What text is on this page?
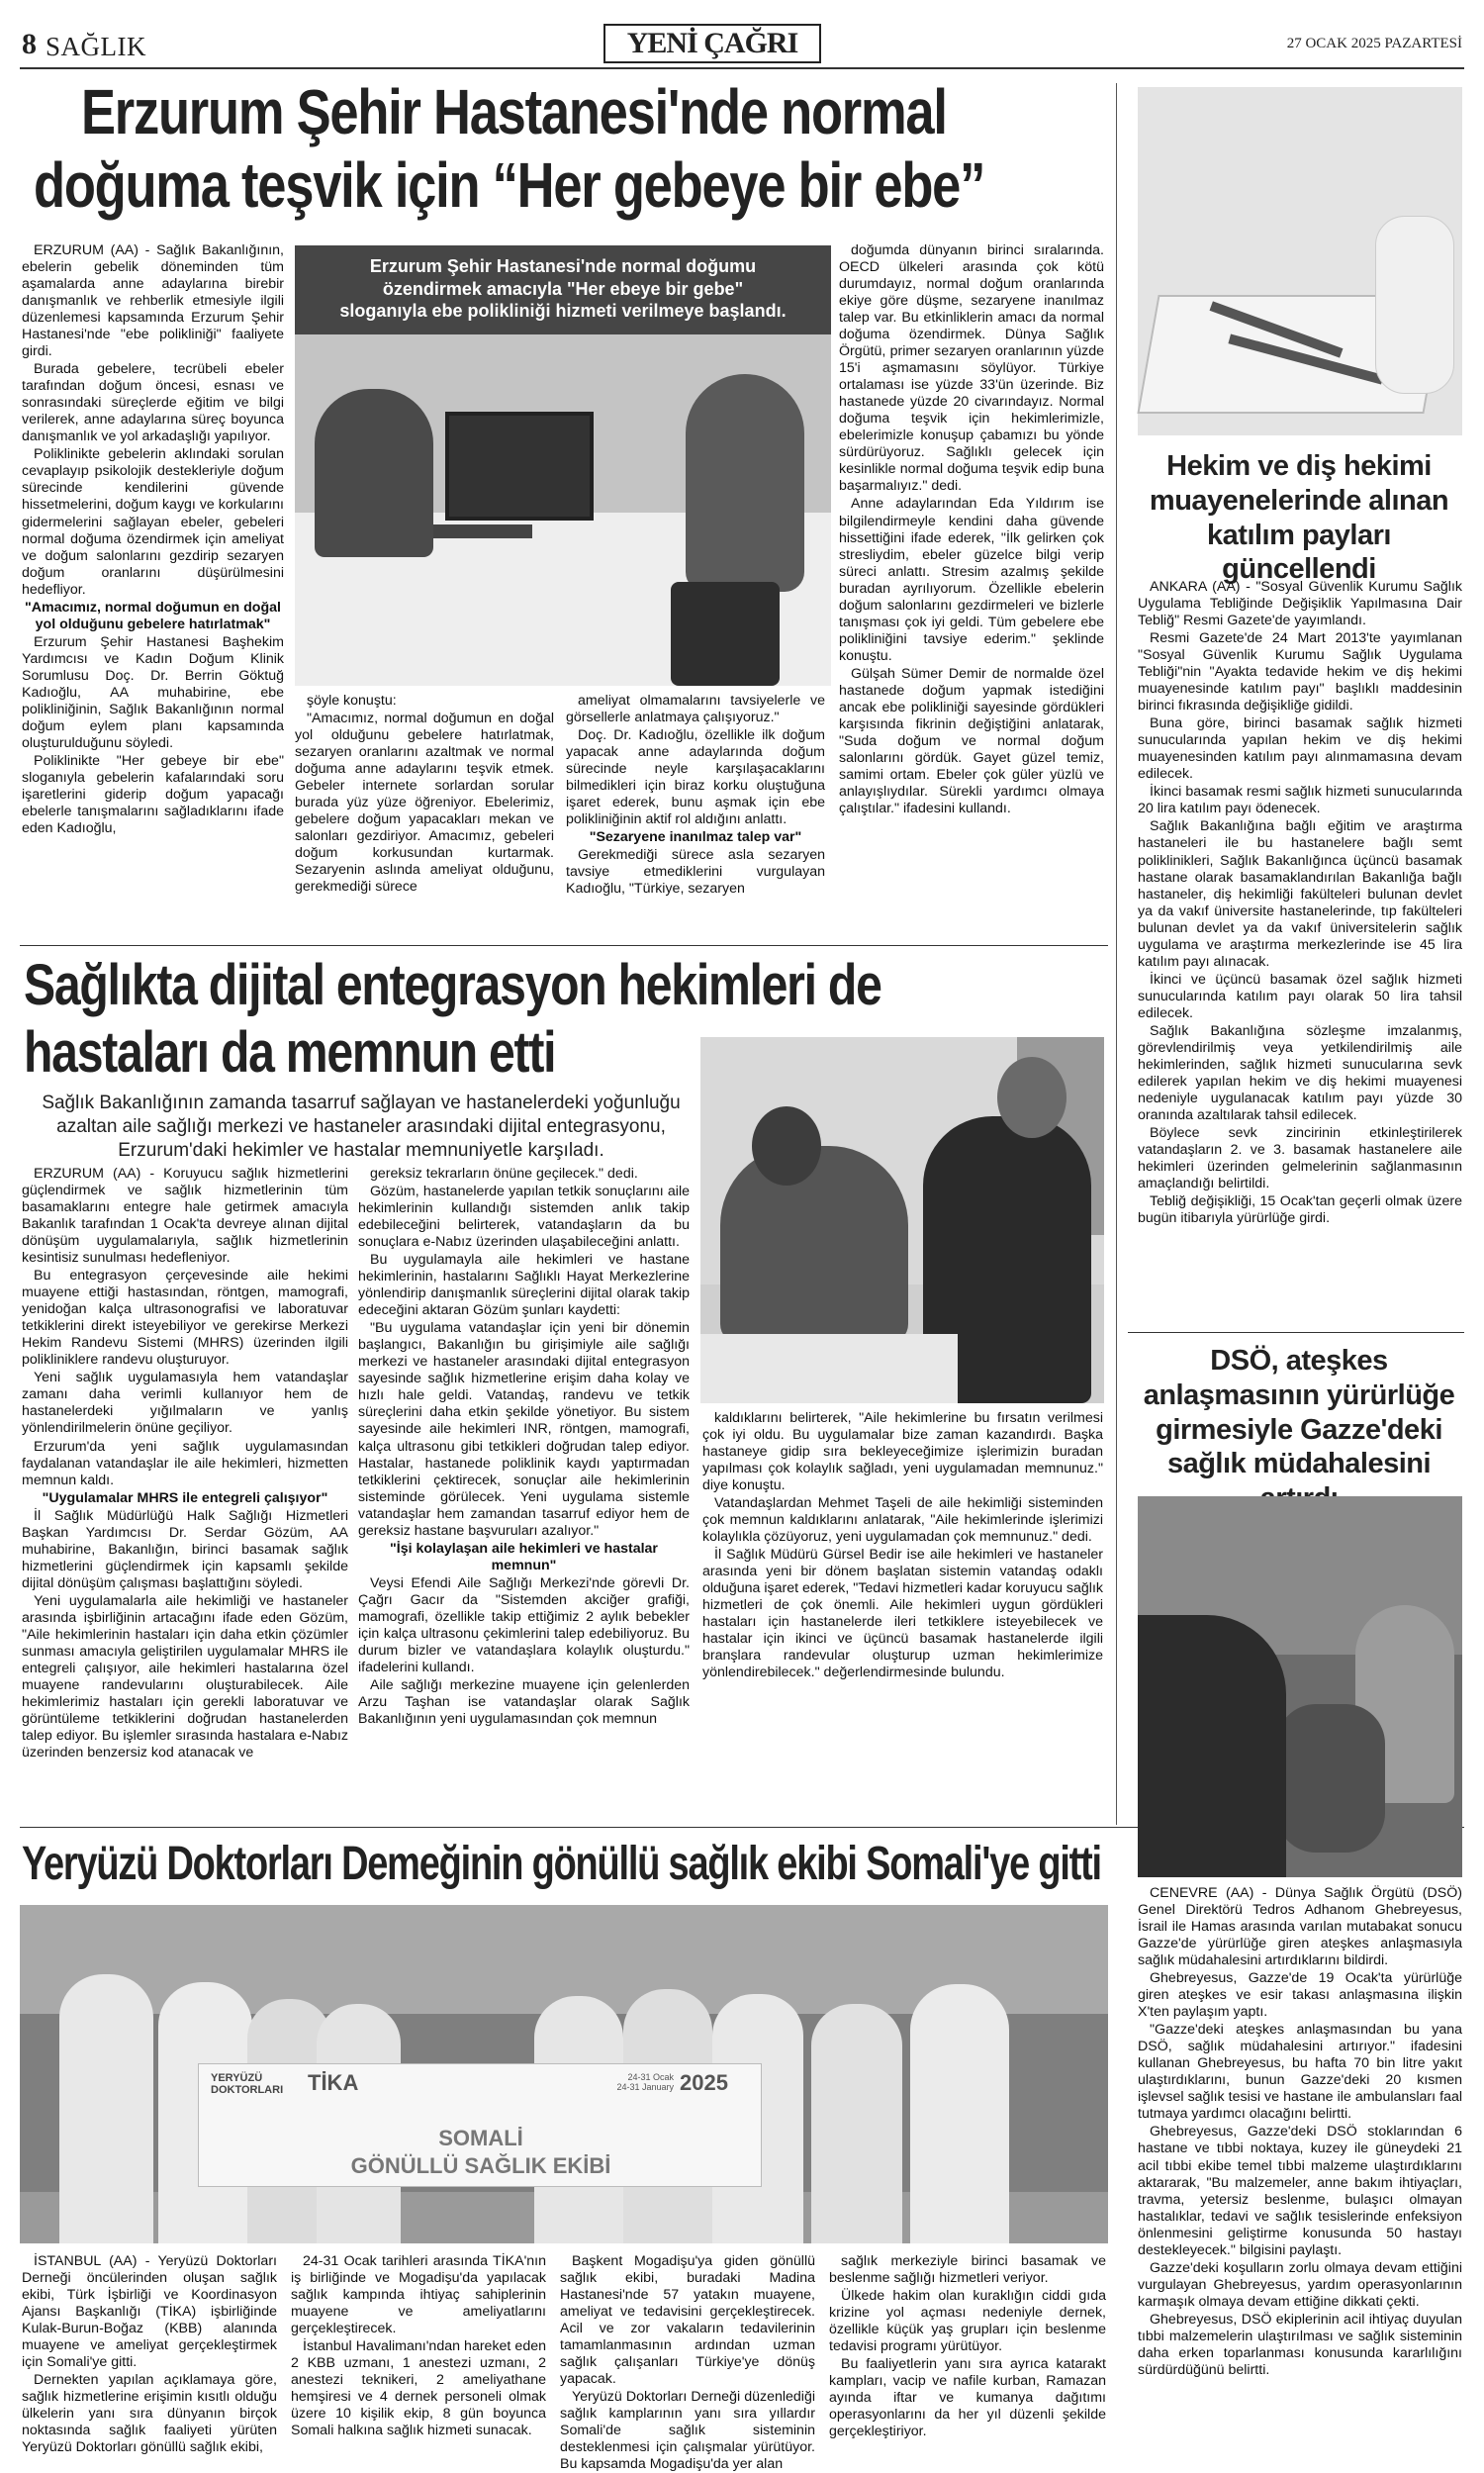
8 SAĞLIK	YENİ ÇAĞRI	27 OCAK 2025 PAZARTESİ
Erzurum Şehir Hastanesi'nde normal
doğuma teşvik için “Her gebeye bir ebe”

ERZURUM (AA) - Sağlık Bakanlığının, ebelerin gebelik döneminden tüm aşamalarda anne adaylarına birebir danışmanlık ve rehberlik etmesiyle ilgili düzenlemesi kapsamında Erzurum Şehir Hastanesi'nde "ebe polikliniği" faaliyete girdi.

Burada gebelere, tecrübeli ebeler tarafından doğum öncesi, esnası ve sonrasındaki süreçlerde eğitim ve bilgi verilerek, anne adaylarına süreç boyunca danışmanlık ve yol arkadaşlığı yapılıyor.

Poliklinikte gebelerin aklındaki sorulan cevaplayıp psikolojik destekleriyle doğum sürecinde kendilerini güvende hissetmelerini, doğum kaygı ve korkularını gidermelerini sağlayan ebeler, gebeleri normal doğuma özendirmek için ameliyat ve doğum salonlarını gezdirip sezaryen doğum oranlarını düşürülmesini hedefliyor.

"Amacımız, normal doğumun en doğal yol olduğunu gebelere hatırlatmak"

Erzurum Şehir Hastanesi Başhekim Yardımcısı ve Kadın Doğum Klinik Sorumlusu Doç. Dr. Berrin Göktuğ Kadıoğlu, AA muhabirine, ebe polikliniğinin, Sağlık Bakanlığının normal doğum eylem planı kapsamında oluşturulduğunu söyledi.

Poliklinikte "Her gebeye bir ebe" sloganıyla gebelerin kafalarındaki soru işaretlerini giderip doğum yapacağı ebelerle tanışmalarını sağladıklarını ifade eden Kadıoğlu,

Erzurum Şehir Hastanesi'nde normal doğumu
özendirmek amacıyla "Her ebeye bir gebe"
sloganıyla ebe polikliniği hizmeti verilmeye başlandı.

şöyle konuştu:

"Amacımız, normal doğumun en doğal yol olduğunu gebelere hatırlatmak, sezaryen oranlarını azaltmak ve normal doğuma anne adaylarını teşvik etmek. Gebeler internete sorlardan sorular burada yüz yüze öğreniyor. Ebelerimiz, gebelere doğum yapacakları mekan ve salonları gezdiriyor. Amacımız, gebeleri doğum korkusundan kurtarmak. Sezaryenin aslında ameliyat olduğunu, gerekmediği sürece

ameliyat olmamalarını tavsiyelerle ve görsellerle anlatmaya çalışıyoruz."

Doç. Dr. Kadıoğlu, özellikle ilk doğum yapacak anne adaylarında doğum sürecinde neyle karşılaşacaklarını bilmedikleri için biraz korku oluştuğuna işaret ederek, bunu aşmak için ebe polikliniğinin aktif rol aldığını anlattı.

"Sezaryene inanılmaz talep var"

Gerekmediği sürece asla sezaryen tavsiye etmediklerini vurgulayan Kadıoğlu, "Türkiye, sezaryen

doğumda dünyanın birinci sıralarında. OECD ülkeleri arasında çok kötü durumdayız, normal doğum oranlarında ekiye göre düşme, sezaryene inanılmaz talep var. Bu etkinliklerin amacı da normal doğuma özendirmek. Dünya Sağlık Örgütü, primer sezaryen oranlarının yüzde 15'i aşmamasını söylüyor. Türkiye ortalaması ise yüzde 33'ün üzerinde. Biz hastanede yüzde 20 civarındayız. Normal doğuma teşvik için hekimlerimizle, ebelerimizle konuşup çabamızı bu yönde sürdürüyoruz. Sağlıklı gelecek için kesinlikle normal doğuma teşvik edip buna başarmalıyız." dedi.

Anne adaylarından Eda Yıldırım ise bilgilendirmeyle kendini daha güvende hissettiğini ifade ederek, "İlk gelirken çok stresliydim, ebeler güzelce bilgi verip süreci anlattı. Stresim azalmış şekilde buradan ayrılıyorum. Özellikle ebelerin doğum salonlarını gezdirmeleri ve bizlerle tanışması çok iyi geldi. Tüm gebelere ebe polikliniğini tavsiye ederim." şeklinde konuştu.

Gülşah Sümer Demir de normalde özel hastanede doğum yapmak istediğini ancak ebe polikliniği sayesinde gördükleri karşısında fikrinin değiştiğini anlatarak, "Suda doğum ve normal doğum salonlarını gördük. Gayet güzel temiz, samimi ortam. Ebeler çok güler yüzlü ve anlayışlıydılar. Sürekli yardımcı olmaya çalıştılar." ifadesini kullandı.

Sağlıkta dijital entegrasyon hekimleri de
hastaları da memnun etti
Sağlık Bakanlığının zamanda tasarruf sağlayan ve hastanelerdeki yoğunluğu azaltan aile sağlığı merkezi ve hastaneler arasındaki dijital entegrasyonu, Erzurum'daki hekimler ve hastalar memnuniyetle karşıladı.

ERZURUM (AA) - Koruyucu sağlık hizmetlerini güçlendirmek ve sağlık hizmetlerinin tüm basamaklarını entegre hale getirmek amacıyla Bakanlık tarafından 1 Ocak'ta devreye alınan dijital dönüşüm uygulamalarıyla, sağlık hizmetlerinin kesintisiz sunulması hedefleniyor.

Bu entegrasyon çerçevesinde aile hekimi muayene ettiği hastasından, röntgen, mamografi, yenidoğan kalça ultrasonografisi ve laboratuvar tetkiklerini direkt isteyebiliyor ve gerekirse Merkezi Hekim Randevu Sistemi (MHRS) üzerinden ilgili polikliniklere randevu oluşturuyor.

Yeni sağlık uygulamasıyla hem vatandaşlar zamanı daha verimli kullanıyor hem de hastanelerdeki yığılmaların ve yanlış yönlendirilmelerin önüne geçiliyor.

Erzurum'da yeni sağlık uygulamasından faydalanan vatandaşlar ile aile hekimleri, hizmetten memnun kaldı.

"Uygulamalar MHRS ile entegreli çalışıyor"

İl Sağlık Müdürlüğü Halk Sağlığı Hizmetleri Başkan Yardımcısı Dr. Serdar Gözüm, AA muhabirine, Bakanlığın, birinci basamak sağlık hizmetlerini güçlendirmek için kapsamlı şekilde dijital dönüşüm çalışması başlattığını söyledi.

Yeni uygulamalarla aile hekimliği ve hastaneler arasında işbirliğinin artacağını ifade eden Gözüm, "Aile hekimlerinin hastaları için daha etkin çözümler sunması amacıyla geliştirilen uygulamalar MHRS ile entegreli çalışıyor, aile hekimleri hastalarına özel muayene randevularını oluşturabilecek. Aile hekimlerimiz hastaları için gerekli laboratuvar ve görüntüleme tetkiklerini doğrudan hastanelerden talep ediyor. Bu işlemler sırasında hastalara e-Nabız üzerinden benzersiz kod atanacak ve

gereksiz tekrarların önüne geçilecek." dedi.

Gözüm, hastanelerde yapılan tetkik sonuçlarını aile hekimlerinin kullandığı sistemden anlık takip edebileceğini belirterek, vatandaşların da bu sonuçlara e-Nabız üzerinden ulaşabileceğini anlattı.

Bu uygulamayla aile hekimleri ve hastane hekimlerinin, hastalarını Sağlıklı Hayat Merkezlerine yönlendirip danışmanlık süreçlerini dijital olarak takip edeceğini aktaran Gözüm şunları kaydetti:

"Bu uygulama vatandaşlar için yeni bir dönemin başlangıcı, Bakanlığın bu girişimiyle aile sağlığı merkezi ve hastaneler arasındaki dijital entegrasyon sayesinde sağlık hizmetlerine erişim daha kolay ve hızlı hale geldi. Vatandaş, randevu ve tetkik süreçlerini daha etkin şekilde yönetiyor. Bu sistem sayesinde aile hekimleri INR, röntgen, mamografi, kalça ultrasonu gibi tetkikleri doğrudan talep ediyor. Hastalar, hastanede poliklinik kaydı yaptırmadan tetkiklerini çektirecek, sonuçlar aile hekimlerinin sisteminde görülecek. Yeni uygulama sistemle vatandaşlar hem zamandan tasarruf ediyor hem de gereksiz hastane başvuruları azalıyor."

"İşi kolaylaşan aile hekimleri ve hastalar memnun"

Veysi Efendi Aile Sağlığı Merkezi'nde görevli Dr. Çağrı Gacır da "Sistemden akciğer grafiği, mamografi, özellikle takip ettiğimiz 2 aylık bebekler için kalça ultrasonu çekimlerini talep edebiliyoruz. Bu durum bizler ve vatandaşlara kolaylık oluşturdu." ifadelerini kullandı.

Aile sağlığı merkezine muayene için gelenlerden Arzu Taşhan ise vatandaşlar olarak Sağlık Bakanlığının yeni uygulamasından çok memnun

kaldıklarını belirterek, "Aile hekimlerine bu fırsatın verilmesi çok iyi oldu. Bu uygulamalar bize zaman kazandırdı. Başka hastaneye gidip sıra bekleyeceğimize işlerimizin buradan yapılması çok kolaylık sağladı, yeni uygulamadan memnunuz." diye konuştu.

Vatandaşlardan Mehmet Taşeli de aile hekimliği sisteminden çok memnun kaldıklarını anlatarak, "Aile hekimlerinde işlerimizi kolaylıkla çözüyoruz, yeni uygulamadan çok memnunuz." dedi.

İl Sağlık Müdürü Gürsel Bedir ise aile hekimleri ve hastaneler arasında yeni bir dönem başlatan sistemin vatandaş odaklı olduğuna işaret ederek, "Tedavi hizmetleri kadar koruyucu sağlık hizmetleri de çok önemli. Aile hekimleri uygun gördükleri hastaları için hastanelerde ileri tetkiklere isteyebilecek ve hastalar için ikinci ve üçüncü basamak hastanelerde ilgili branşlara randevular oluşturup uzman hekimlerimize yönlendirebilecek." değerlendirmesinde bulundu.

Hekim ve diş hekimi
muayenelerinde alınan
katılım payları güncellendi

ANKARA (AA) - "Sosyal Güvenlik Kurumu Sağlık Uygulama Tebliğinde Değişiklik Yapılmasına Dair Tebliğ" Resmi Gazete'de yayımlandı.

Resmi Gazete'de 24 Mart 2013'te yayımlanan "Sosyal Güvenlik Kurumu Sağlık Uygulama Tebliği"nin "Ayakta tedavide hekim ve diş hekimi muayenesinde katılım payı" başlıklı maddesinin birinci fıkrasında değişikliğe gidildi.

Buna göre, birinci basamak sağlık hizmeti sunucularında yapılan hekim ve diş hekimi muayenesinden katılım payı alınmamasına devam edilecek.

İkinci basamak resmi sağlık hizmeti sunucularında 20 lira katılım payı ödenecek.

Sağlık Bakanlığına bağlı eğitim ve araştırma hastaneleri ile bu hastanelere bağlı semt poliklinikleri, Sağlık Bakanlığınca üçüncü basamak hastane olarak basamaklandırılan Bakanlığa bağlı hastaneler, diş hekimliği fakülteleri bulunan devlet ya da vakıf üniversite hastanelerinde, tıp fakülteleri bulunan devlet ya da vakıf üniversitelerin sağlık uygulama ve araştırma merkezlerinde ise 45 lira katılım payı alınacak.

İkinci ve üçüncü basamak özel sağlık hizmeti sunucularında katılım payı olarak 50 lira tahsil edilecek.

Sağlık Bakanlığına sözleşme imzalanmış, görevlendirilmiş veya yetkilendirilmiş aile hekimlerinden, sağlık hizmeti sunucularına sevk edilerek yapılan hekim ve diş hekimi muayenesi nedeniyle uygulanacak katılım payı yüzde 30 oranında azaltılarak tahsil edilecek.

Böylece sevk zincirinin etkinleştirilerek vatandaşların 2. ve 3. basamak hastanelere aile hekimleri üzerinden gelmelerinin sağlanmasının amaçlandığı belirtildi.

Tebliğ değişikliği, 15 Ocak'tan geçerli olmak üzere bugün itibarıyla yürürlüğe girdi.

DSÖ, ateşkes
anlaşmasının yürürlüğe
girmesiyle Gazze'deki
sağlık müdahalesini

CENEVRE (AA) - Dünya Sağlık Örgütü (DSÖ) Genel Direktörü Tedros Adhanom Ghebreyesus, İsrail ile Hamas arasında varılan mutabakat sonucu Gazze'de yürürlüğe giren ateşkes anlaşmasıyla sağlık müdahalesini artırdıklarını bildirdi.

Ghebreyesus, Gazze'de 19 Ocak'ta yürürlüğe giren ateşkes ve esir takası anlaşmasına ilişkin X'ten paylaşım yaptı.

"Gazze'deki ateşkes anlaşmasından bu yana DSÖ, sağlık müdahalesini artırıyor." ifadesini kullanan Ghebreyesus, bu hafta 70 bin litre yakıt ulaştırdıklarını, bunun Gazze'deki 20 kısmen işlevsel sağlık tesisi ve hastane ile ambulansları faal tutmaya yardımcı olacağını belirtti.

Ghebreyesus, Gazze'deki DSÖ stoklarından 6 hastane ve tıbbi noktaya, kuzey ile güneydeki 21 acil tıbbi ekibe temel tıbbi malzeme ulaştırdıklarını aktararak, "Bu malzemeler, anne bakım ihtiyaçları, travma, yetersiz beslenme, bulaşıcı olmayan hastalıklar, tedavi ve sağlık tesislerinde enfeksiyon önlenmesini geliştirme konusunda 50 hastayı destekleyecek." bilgisini paylaştı.

Gazze'deki koşulların zorlu olmaya devam ettiğini vurgulayan Ghebreyesus, yardım operasyonlarının karmaşık olmaya devam ettiğine dikkati çekti.

Ghebreyesus, DSÖ ekiplerinin acil ihtiyaç duyulan tıbbi malzemelerin ulaştırılması ve sağlık sisteminin daha erken toparlanması konusunda kararlılığını sürdürdüğünü belirtti.

Yeryüzü Doktorları Demeğinin gönüllü sağlık ekibi Somali'ye gitti
YERYÜZÜ DOKTORLARI	TİKA	24-31 Ocak
24-31 January 2025
SOMALİ
GÖNÜLLÜ SAĞLIK EKİBİ

İSTANBUL (AA) - Yeryüzü Doktorları Derneği öncülerinden oluşan sağlık ekibi, Türk İşbirliği ve Koordinasyon Ajansı Başkanlığı (TİKA) işbirliğinde Kulak-Burun-Boğaz (KBB) alanında muayene ve ameliyat gerçekleştirmek için Somali'ye gitti.

Dernekten yapılan açıklamaya göre, sağlık hizmetlerine erişimin kısıtlı olduğu ülkelerin yanı sıra dünyanın birçok noktasında sağlık faaliyeti yürüten Yeryüzü Doktorları gönüllü sağlık ekibi,

24-31 Ocak tarihleri arasında TİKA'nın iş birliğinde ve Mogadişu'da yapılacak sağlık kampında ihtiyaç sahiplerinin muayene ve ameliyatlarını gerçekleştirecek.

İstanbul Havalimanı'ndan hareket eden 2 KBB uzmanı, 1 anestezi uzmanı, 2 anestezi teknikeri, 2 ameliyathane hemşiresi ve 4 dernek personeli olmak üzere 10 kişilik ekip, 8 gün boyunca Somali halkına sağlık hizmeti sunacak.

Başkent Mogadişu'ya giden gönüllü sağlık ekibi, buradaki Madina Hastanesi'nde 57 yatakın muayene, ameliyat ve tedavisini gerçekleştirecek. Acil ve zor vakaların tedavilerinin tamamlanmasının ardından uzman sağlık çalışanları Türkiye'ye dönüş yapacak.

Yeryüzü Doktorları Derneği düzenlediği sağlık kamplarının yanı sıra yıllardır Somali'de sağlık sisteminin desteklenmesi için çalışmalar yürütüyor. Bu kapsamda Mogadişu'da yer alan

sağlık merkeziyle birinci basamak ve beslenme sağlığı hizmetleri veriyor.

Ülkede hakim olan kuraklığın ciddi gıda krizine yol açması nedeniyle dernek, özellikle küçük yaş grupları için beslenme tedavisi programı yürütüyor.

Bu faaliyetlerin yanı sıra ayrıca katarakt kampları, vacip ve nafile kurban, Ramazan ayında iftar ve kumanya dağıtımı operasyonlarını da her yıl düzenli şekilde gerçekleştiriyor.
